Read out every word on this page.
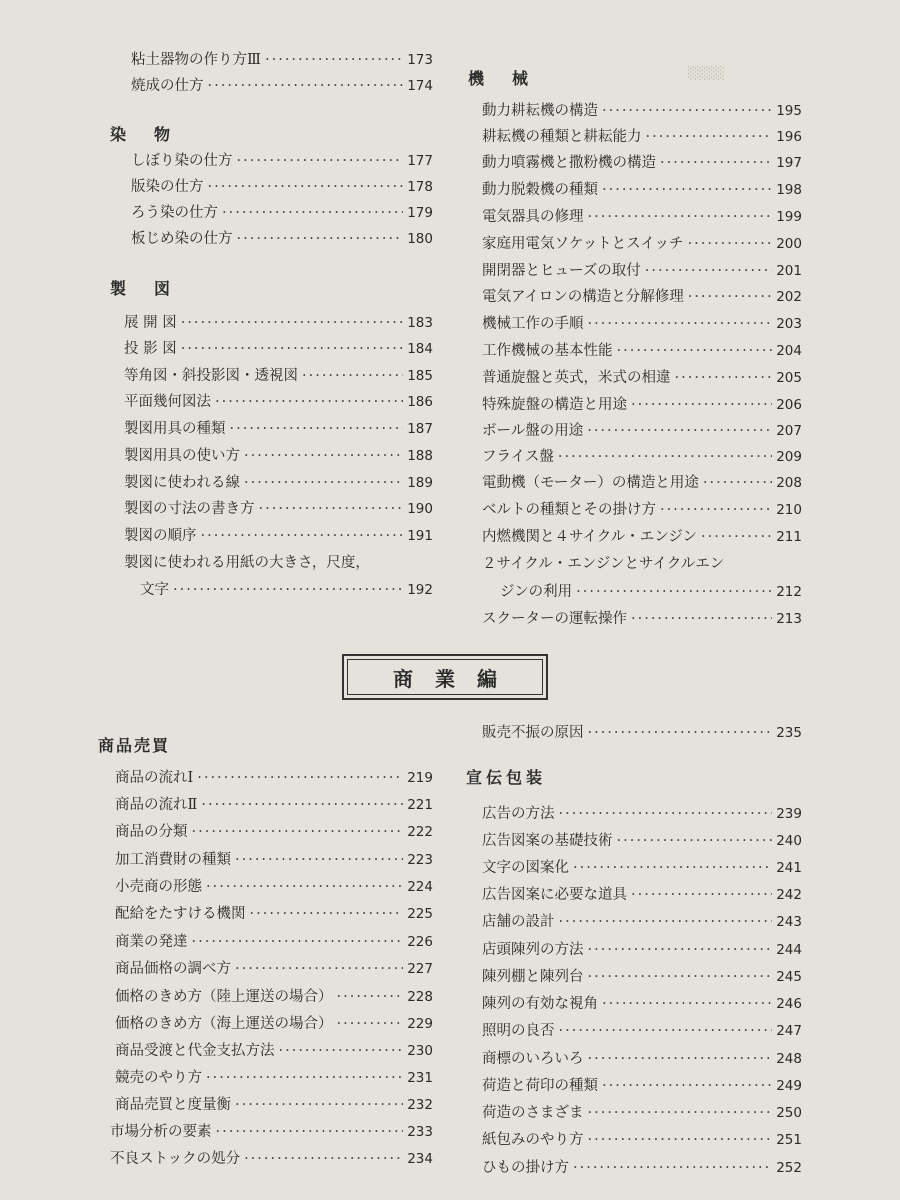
粘土器物の作り方Ⅲ ·····	173
焼成の仕方 ·····	174
染物
しぼり染の仕方 ·····	177
版染の仕方 ·····	178
ろう染の仕方 ·····	179
板じめ染の仕方 ·····	180
製図
展 開 図 ·····	183
投 影 図 ·····	184
等角図・斜投影図・透視図 ·····	185
平面幾何図法 ·····	186
製図用具の種類 ·····	187
製図用具の使い方 ·····	188
製図に使われる線 ·····	189
製図の寸法の書き方 ·····	190
製図の順序 ·····	191
製図に使われる用紙の大きさ，尺度，
文字 ·····	192
機械	░░░░
動力耕耘機の構造 ·····	195
耕耘機の種類と耕耘能力 ·····	196
動力噴霧機と撒粉機の構造 ·····	197
動力脱穀機の種類 ·····	198
電気器具の修理 ·····	199
家庭用電気ソケットとスイッチ ·····	200
開閉器とヒューズの取付 ·····	201
電気アイロンの構造と分解修理 ·····	202
機械工作の手順 ·····	203
工作機械の基本性能 ·····	204
普通旋盤と英式，米式の相違 ·····	205
特殊旋盤の構造と用途 ·····	206
ボール盤の用途 ·····	207
フライス盤 ·····	209
電動機（モーター）の構造と用途 ·····	208
ベルトの種類とその掛け方 ·····	210
内燃機関と４サイクル・エンジン ·····	211
２サイクル・エンジンとサイクルエン
ジンの利用 ·····	212
スクーターの運転操作 ·····	213
商業編
商品売買
商品の流れⅠ ·····	219
商品の流れⅡ ·····	221
商品の分類 ·····	222
加工消費財の種類 ·····	223
小売商の形態 ·····	224
配給をたすける機関 ·····	225
商業の発達 ·····	226
商品価格の調べ方 ·····	227
価格のきめ方（陸上運送の場合） ·····	228
価格のきめ方（海上運送の場合） ·····	229
商品受渡と代金支払方法 ·····	230
競売のやり方 ·····	231
商品売買と度量衡 ·····	232
市場分析の要素 ·····	233
不良ストックの処分 ·····	234
販売不振の原因 ·····	235
宣伝包装
広告の方法 ·····	239
広告図案の基礎技術 ·····	240
文字の図案化 ·····	241
広告図案に必要な道具 ·····	242
店舗の設計 ·····	243
店頭陳列の方法 ·····	244
陳列棚と陳列台 ·····	245
陳列の有効な視角 ·····	246
照明の良否 ·····	247
商標のいろいろ ·····	248
荷造と荷印の種類 ·····	249
荷造のさまざま ·····	250
紙包みのやり方 ·····	251
ひもの掛け方 ·····	252
